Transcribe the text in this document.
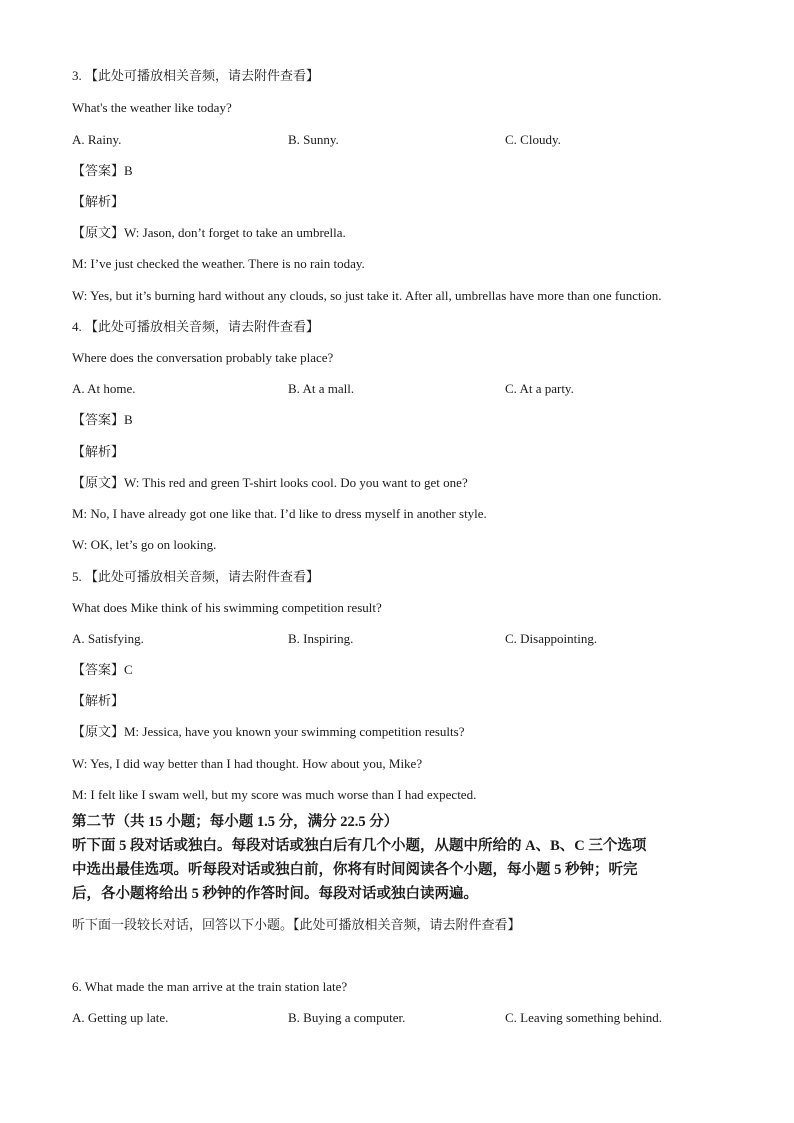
3. 【此处可播放相关音频，请去附件查看】
What's the weather like today?
A. Rainy.	B. Sunny.	C. Cloudy.
【答案】B
【解析】
【原文】W: Jason, don’t forget to take an umbrella.
M: I’ve just checked the weather. There is no rain today.
W: Yes, but it’s burning hard without any clouds, so just take it. After all, umbrellas have more than one function.
4. 【此处可播放相关音频，请去附件查看】
Where does the conversation probably take place?
A. At home.	B. At a mall.	C. At a party.
【答案】B
【解析】
【原文】W: This red and green T-shirt looks cool. Do you want to get one?
M: No, I have already got one like that. I’d like to dress myself in another style.
W: OK, let’s go on looking.
5. 【此处可播放相关音频，请去附件查看】
What does Mike think of his swimming competition result?
A. Satisfying.	B. Inspiring.	C. Disappointing.
【答案】C
【解析】
【原文】M: Jessica, have you known your swimming competition results?
W: Yes, I did way better than I had thought. How about you, Mike?
M: I felt like I swam well, but my score was much worse than I had expected.
第二节（共 15 小题；每小题 1.5 分，满分 22.5 分）
听下面 5 段对话或独白。每段对话或独白后有几个小题，从题中所给的 A、B、C 三个选项
中选出最佳选项。听每段对话或独白前，你将有时间阅读各个小题，每小题 5 秒钟；听完
后，各小题将给出 5 秒钟的作答时间。每段对话或独白读两遍。
听下面一段较长对话，回答以下小题。【此处可播放相关音频，请去附件查看】
6. What made the man arrive at the train station late?
A. Getting up late.	B. Buying a computer.	C. Leaving something behind.
